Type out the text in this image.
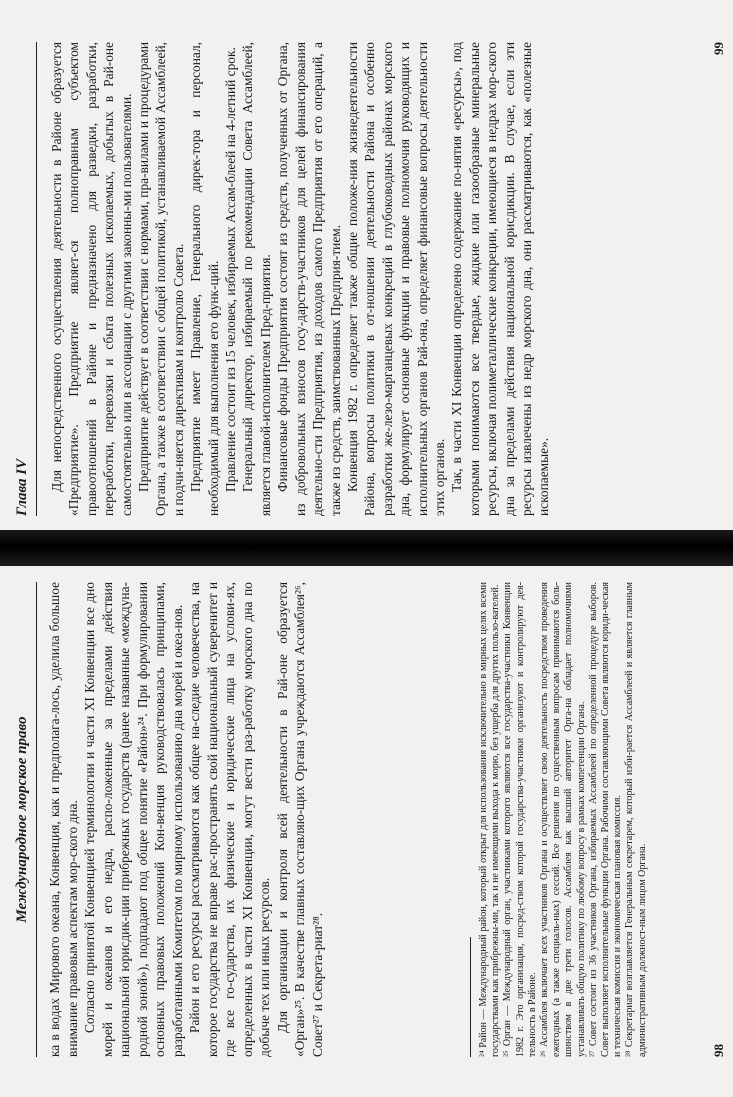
Международное морское право	ка в водах Мирового океана, Конвенция, как и предполага-лось, уделила большое внимание правовым аспектам мор-ского дна. Согласно принятой Конвенцией терминологии и части XI Конвенции все дно морей и океанов и его недра, распо-ложенные за пределами действия национальной юрисдик-ции прибрежных государств (ранее названные «междуна-родной зоной»), подпадают под общее понятие «Район»²⁴. При формулировании основных правовых положений Кон-венция руководствовалась принципами, разработанными Комитетом по мирному использованию дна морей и океа-нов. Район и его ресурсы рассматриваются как общее на-следие человечества, на которое государства не вправе рас-пространять свой национальный суверенитет и где все го-сударства, их физические и юридические лица на услови-ях, определенных в части XI Конвенции, могут вести раз-работку морского дна по добыче тех или иных ресурсов. Для организации и контроля всей деятельности в Рай-оне образуется «Орган»²⁵. В качестве главных составляю-щих Органа учреждаются Ассамблея²⁶, Совет²⁷ и Секрета-риат²⁸.	²⁴ Район — Международный район, который открыт для использования исключительно в мирных целях всеми государствами как прибрежны-ми, так и не имеющими выхода к морю, без ущерба для других пользо-вателей. ²⁵ Орган — Международный орган, участниками которого являются все государства-участники Конвенции 1982 г. Это организация, посред-ством которой государства-участники организуют и контролируют дея-тельность в Районе. ²⁶ Ассамблея включает всех участников Органа и осуществляет свою деятельность посредством проведения ежегодных (а также специаль-ных) сессий. Все решения по существенным вопросам принимаются боль-шинством в две трети голосов. Ассамблея как высший авторитет Орга-на обладает полномочиями устанавливать общую политику по любому вопросу в рамках компетенции Органа. ²⁷ Совет состоит из 36 участников Органа, избираемых Ассамблеей по определенной процедуре выборов. Совет выполняет исполнительные функции Органа. Рабочими составляющими Совета являются юриди-ческая и техническая комиссия и экономическая плановая комиссия. ²⁸ Секретариат возглавляется Генеральным секретарем, который изби-рается Ассамблеей и является главным административным должност-ным лицом Органа.	98
Глава IV	Для непосредственного осуществления деятельности в Районе образуется «Предприятие». Предприятие являет-ся полноправным субъектом правоотношений в Районе и предназначено для разведки, разработки, переработки, перевозки и сбыта полезных ископаемых, добытых в Рай-оне самостоятельно или в ассоциации с другими законны-ми пользователями. Предприятие действует в соответствии с нормами, пра-вилами и процедурами Органа, а также в соответствии с общей политикой, устанавливаемой Ассамблеей, и подчи-няется директивам и контролю Совета. Предприятие имеет Правление, Генерального дирек-тора и персонал, необходимый для выполнения его функ-ций. Правление состоит из 15 человек, избираемых Ассам-блеей на 4-летний срок. Генеральный директор, избираемый по рекомендации Совета Ассамблеей, является главой-исполнителем Пред-приятия. Финансовые фонды Предприятия состоят из средств, полученных от Органа, из добровольных взносов госу-дарств-участников для целей финансирования деятельно-сти Предприятия, из доходов самого Предприятия от его операций, а также из средств, заимствованных Предприя-тием. Конвенция 1982 г. определяет также общие положе-ния жизнедеятельности Района, вопросы политики в от-ношении деятельности Района и особенно разработки же-лезо-марганцевых конкреций в глубоководных районах морского дна, формулирует основные функции и правовые полномочия руководящих и исполнительных органов Рай-она, определяет финансовые вопросы деятельности этих органов. Так, в части XI Конвенции определено содержание по-нятия «ресурсы», под которыми понимаются все твердые, жидкие или газообразные минеральные ресурсы, включая полиметаллические конкреции, имеющиеся в недрах мор-ского дна за пределами действия национальной юрисдикции. В случае, если эти ресурсы извлечены из недр морского дна, они рассматриваются, как «полезные ископаемые».

99
